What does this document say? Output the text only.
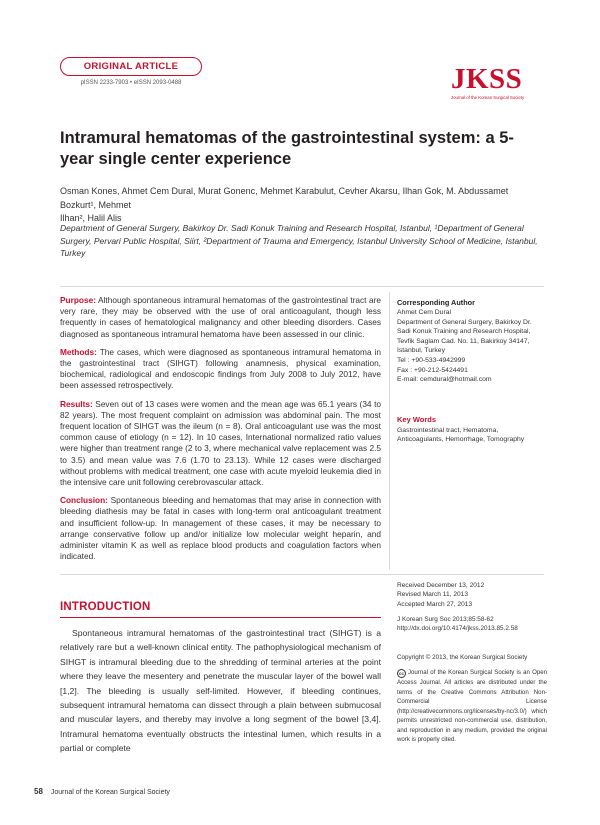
ORIGINAL ARTICLE
pISSN 2233-7903 • eISSN 2093-0488	JKSS
Journal of the Korean Surgical Society
Intramural hematomas of the gastrointestinal system: a 5-year single center experience
Osman Kones, Ahmet Cem Dural, Murat Gonenc, Mehmet Karabulut, Cevher Akarsu, Ilhan Gok, M. Abdussamet Bozkurt¹, Mehmet
Ilhan², Halil Alis
Department of General Surgery, Bakirkoy Dr. Sadi Konuk Training and Research Hospital, Istanbul, ¹Department of General Surgery, Pervari Public Hospital, Siirt, ²Department of Trauma and Emergency, Istanbul University School of Medicine, Istanbul, Turkey

Purpose: Although spontaneous intramural hematomas of the gastrointestinal tract are very rare, they may be observed with the use of oral anticoagulant, though less frequently in cases of hematological malignancy and other bleeding disorders. Cases diagnosed as spontaneous intramural hematoma have been assessed in our clinic.

Methods: The cases, which were diagnosed as spontaneous intramural hematoma in the gastrointestinal tract (SIHGT) following anamnesis, physical examination, biochemical, radiological and endoscopic findings from July 2008 to July 2012, have been assessed retrospectively.

Results: Seven out of 13 cases were women and the mean age was 65.1 years (34 to 82 years). The most frequent complaint on admission was abdominal pain. The most frequent location of SIHGT was the ileum (n = 8). Oral anticoagulant use was the most common cause of etiology (n = 12). In 10 cases, International normalized ratio values were higher than treatment range (2 to 3, where mechanical valve replacement was 2.5 to 3.5) and mean value was 7.6 (1.70 to 23.13). While 12 cases were discharged without problems with medical treatment, one case with acute myeloid leukemia died in the intensive care unit following cerebrovascular attack.

Conclusion: Spontaneous bleeding and hematomas that may arise in connection with bleeding diathesis may be fatal in cases with long-term oral anticoagulant treatment and insufficient follow-up. In management of these cases, it may be necessary to arrange conservative follow up and/or initialize low molecular weight heparin, and administer vitamin K as well as replace blood products and coagulation factors when indicated.

Corresponding Author
Ahmet Cem Dural
Department of General Surgery, Bakirkoy Dr. Sadi Konuk Training and Research Hospital, Tevfik Saglam Cad. No. 11, Bakirkoy 34147, Istanbul, Turkey
Tel : +90-533-4942999
Fax : +90-212-5424491
E-mail: cemdural@hotmail.com
Key Words
Gastrointestinal tract, Hematoma, Anticoagulants, Hemorrhage, Tomography
INTRODUCTION

Spontaneous intramural hematomas of the gastrointestinal tract (SIHGT) is a relatively rare but a well-known clinical entity. The pathophysiological mechanism of SIHGT is intramural bleeding due to the shredding of terminal arteries at the point where they leave the mesentery and penetrate the muscular layer of the bowel wall [1,2]. The bleeding is usually self-limited. However, if bleeding continues, subsequent intramural hematoma can dissect through a plain between submucosal and muscular layers, and thereby may involve a long segment of the bowel [3,4]. Intramural hematoma eventually obstructs the intestinal lumen, which results in a partial or complete

Received December 13, 2012
Revised March 11, 2013
Accepted March 27, 2013
J Korean Surg Soc 2013;85:58-62
http://dx.doi.org/10.4174/jkss.2013.85.2.58
Copyright © 2013, the Korean Surgical Society
cc Journal of the Korean Surgical Society is an Open Access Journal. All articles are distributed under the terms of the Creative Commons Attribution Non-Commercial License (http://creativecommons.org/licenses/by-nc/3.0/) which permits unrestricted non-commercial use, distribution, and reproduction in any medium, provided the original work is properly cited.
58 Journal of the Korean Surgical Society
